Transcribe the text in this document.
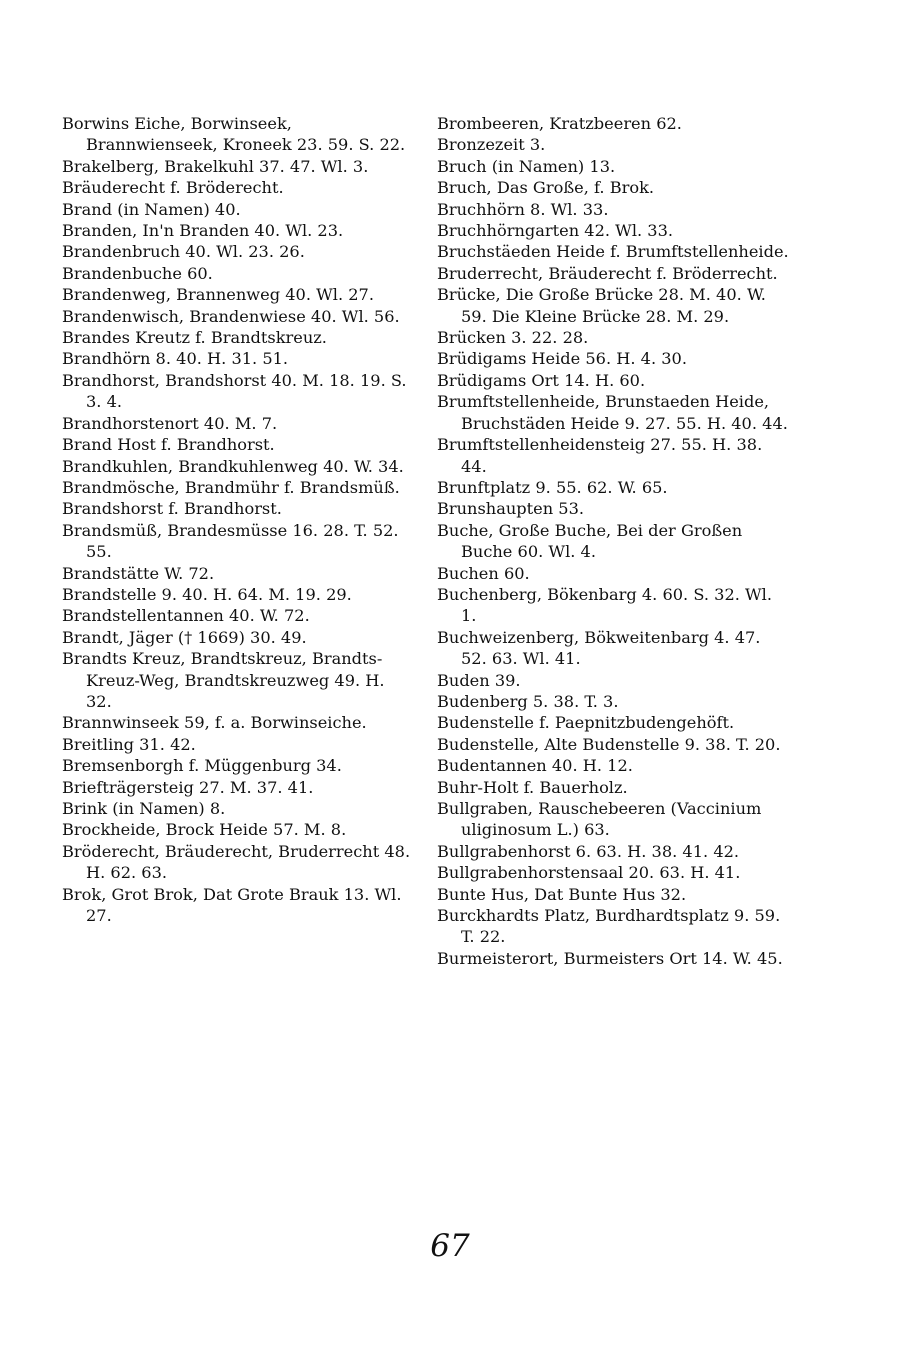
Borwins Eiche, Borwinseek, Brannwienseek, Kroneek 23. 59. S. 22.

Brakelberg, Brakelkuhl 37. 47. Wl. 3.

Bräuderecht f. Bröderecht.

Brand (in Namen) 40.

Branden, In'n Branden 40. Wl. 23.

Brandenbruch 40. Wl. 23. 26.

Brandenbuche 60.

Brandenweg, Brannenweg 40. Wl. 27.

Brandenwisch, Brandenwiese 40. Wl. 56.

Brandes Kreutz f. Brandtskreuz.

Brandhörn 8. 40. H. 31. 51.

Brandhorst, Brandshorst 40. M. 18. 19. S. 3. 4.

Brandhorstenort 40. M. 7.

Brand Host f. Brandhorst.

Brandkuhlen, Brandkuhlenweg 40. W. 34.

Brandmösche, Brandmühr f. Brandsmüß.

Brandshorst f. Brandhorst.

Brandsmüß, Brandesmüsse 16. 28. T. 52. 55.

Brandstätte W. 72.

Brandstelle 9. 40. H. 64. M. 19. 29.

Brandstellentannen 40. W. 72.

Brandt, Jäger († 1669) 30. 49.

Brandts Kreuz, Brandtskreuz, Brandts-Kreuz-Weg, Brandtskreuzweg 49. H. 32.

Brannwinseek 59, f. a. Borwinseiche.

Breitling 31. 42.

Bremsenborgh f. Müggenburg 34.

Briefträgersteig 27. M. 37. 41.

Brink (in Namen) 8.

Brockheide, Brock Heide 57. M. 8.

Bröderecht, Bräuderecht, Bruderrecht 48. H. 62. 63.

Brok, Grot Brok, Dat Grote Brauk 13. Wl. 27.

Brombeeren, Kratzbeeren 62.

Bronzezeit 3.

Bruch (in Namen) 13.

Bruch, Das Große, f. Brok.

Bruchhörn 8. Wl. 33.

Bruchhörngarten 42. Wl. 33.

Bruchstäeden Heide f. Brumftstellenheide.

Bruderrecht, Bräuderecht f. Bröderrecht.

Brücke, Die Große Brücke 28. M. 40. W. 59. Die Kleine Brücke 28. M. 29.

Brücken 3. 22. 28.

Brüdigams Heide 56. H. 4. 30.

Brüdigams Ort 14. H. 60.

Brumftstellenheide, Brunstaeden Heide, Bruchstäden Heide 9. 27. 55. H. 40. 44.

Brumftstellenheidensteig 27. 55. H. 38. 44.

Brunftplatz 9. 55. 62. W. 65.

Brunshaupten 53.

Buche, Große Buche, Bei der Großen Buche 60. Wl. 4.

Buchen 60.

Buchenberg, Bökenbarg 4. 60. S. 32. Wl. 1.

Buchweizenberg, Bökweitenbarg 4. 47. 52. 63. Wl. 41.

Buden 39.

Budenberg 5. 38. T. 3.

Budenstelle f. Paepnitzbudengehöft.

Budenstelle, Alte Budenstelle 9. 38. T. 20.

Budentannen 40. H. 12.

Buhr-Holt f. Bauerholz.

Bullgraben, Rauschebeeren (Vaccinium uliginosum L.) 63.

Bullgrabenhorst 6. 63. H. 38. 41. 42.

Bullgrabenhorstensaal 20. 63. H. 41.

Bunte Hus, Dat Bunte Hus 32.

Burckhardts Platz, Burdhardtsplatz 9. 59. T. 22.

Burmeisterort, Burmeisters Ort 14. W. 45.

67
